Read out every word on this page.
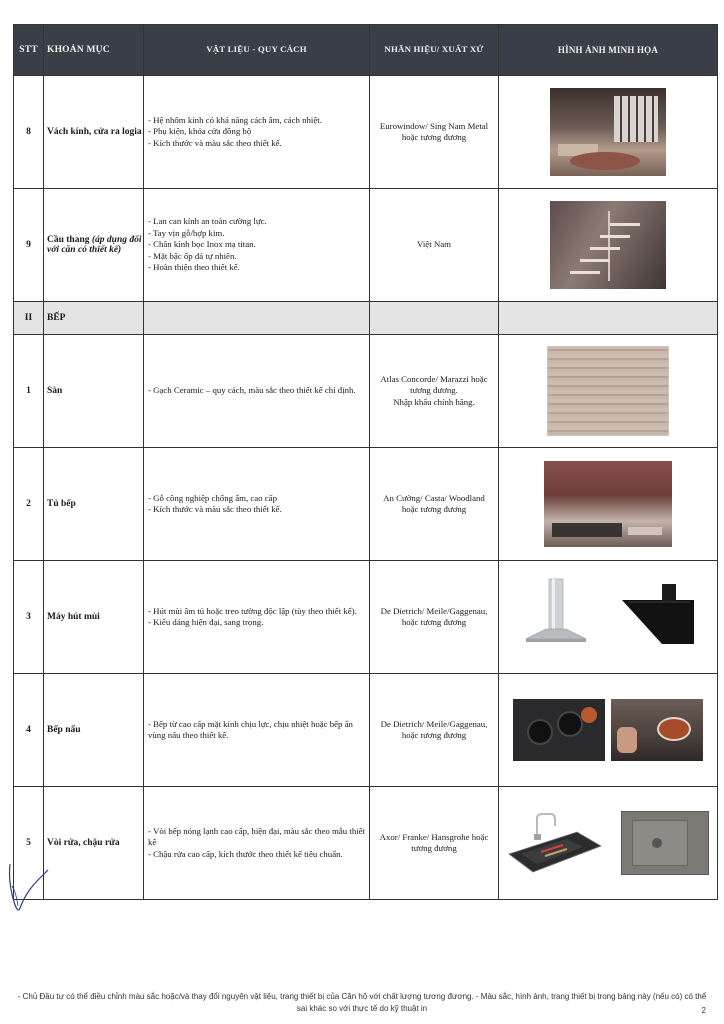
STT	KHOẢN MỤC	VẬT LIỆU - QUY CÁCH	NHÃN HIỆU/ XUẤT XỨ	HÌNH ẢNH MINH HỌA
8	Vách kính, cửa ra logia	- Hệ nhôm kính có khả năng cách âm, cách nhiệt.
- Phụ kiện, khóa cửa đồng bộ
- Kích thước và màu sắc theo thiết kế.	Eurowindow/ Sing Nam Metal
hoặc tương đương	

9	Cầu thang (áp dụng đối với căn có thiết kế)	- Lan can kính an toàn cường lực.
- Tay vịn gỗ/hợp kim.
- Chân kính bọc Inox mạ titan.
- Mặt bậc ốp đá tự nhiên.
- Hoàn thiện theo thiết kế.	Việt Nam	

II	BẾP			
1	Sàn	- Gạch Ceramic – quy cách, màu sắc theo thiết kế chỉ định.	Atlas Concorde/ Marazzi hoặc
tương đương.
Nhập khẩu chính hãng.	

2	Tủ bếp	- Gỗ công nghiệp chống ẩm, cao cấp
- Kích thước và màu sắc theo thiết kế.	An Cường/ Casta/ Woodland
hoặc tương đương	

3	Máy hút mùi	- Hút mùi âm tủ hoặc treo tường độc lập (tùy theo thiết kế).
- Kiểu dáng hiện đại, sang trọng.	De Dietrich/ Meile/Gaggenau,
hoặc tương đương

4	Bếp nấu	- Bếp từ cao cấp mặt kính chịu lực, chịu nhiệt hoặc bếp ẩn vùng nấu theo thiết kế.	De Dietrich/ Meile/Gaggenau,
hoặc tương đương	

5	Vòi rửa, chậu rửa	- Vòi bếp nóng lạnh cao cấp, hiện đại, màu sắc theo mẫu thiết kế
- Chậu rửa cao cấp, kích thước theo thiết kế tiêu chuẩn.	Axor/ Franke/ Hansgrohe hoặc
tương đương

- Chủ Đầu tư có thể điều chỉnh màu sắc hoặc/và thay đổi nguyên vật liệu, trang thiết bị của Căn hộ với chất lượng tương đương. - Màu sắc, hình ảnh, trang thiết bị trong bảng này (nếu có) có thể sai khác so với thực tế do kỹ thuật in	2
